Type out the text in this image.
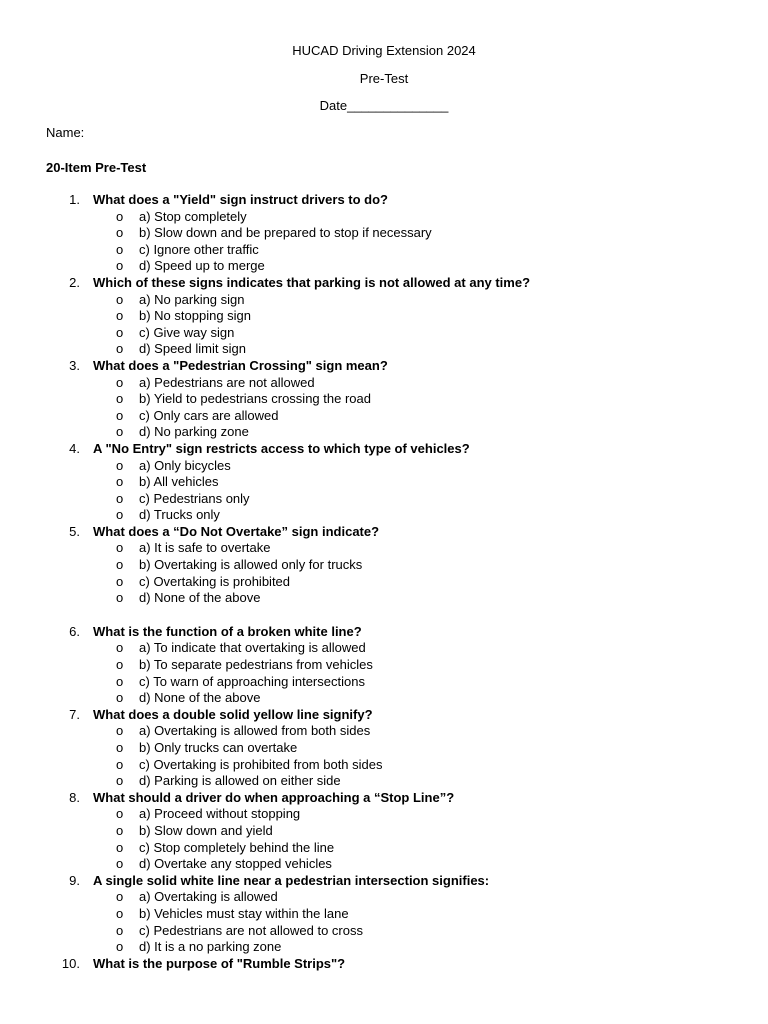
HUCAD Driving Extension 2024
Pre-Test
Date______________
Name:
20-Item Pre-Test
1. What does a "Yield" sign instruct drivers to do?
o a) Stop completely
o b) Slow down and be prepared to stop if necessary
o c) Ignore other traffic
o d) Speed up to merge
2. Which of these signs indicates that parking is not allowed at any time?
o a) No parking sign
o b) No stopping sign
o c) Give way sign
o d) Speed limit sign
3. What does a "Pedestrian Crossing" sign mean?
o a) Pedestrians are not allowed
o b) Yield to pedestrians crossing the road
o c) Only cars are allowed
o d) No parking zone
4. A "No Entry" sign restricts access to which type of vehicles?
o a) Only bicycles
o b) All vehicles
o c) Pedestrians only
o d) Trucks only
5. What does a “Do Not Overtake” sign indicate?
o a) It is safe to overtake
o b) Overtaking is allowed only for trucks
o c) Overtaking is prohibited
o d) None of the above
6. What is the function of a broken white line?
o a) To indicate that overtaking is allowed
o b) To separate pedestrians from vehicles
o c) To warn of approaching intersections
o d) None of the above
7. What does a double solid yellow line signify?
o a) Overtaking is allowed from both sides
o b) Only trucks can overtake
o c) Overtaking is prohibited from both sides
o d) Parking is allowed on either side
8. What should a driver do when approaching a “Stop Line”?
o a) Proceed without stopping
o b) Slow down and yield
o c) Stop completely behind the line
o d) Overtake any stopped vehicles
9. A single solid white line near a pedestrian intersection signifies:
o a) Overtaking is allowed
o b) Vehicles must stay within the lane
o c) Pedestrians are not allowed to cross
o d) It is a no parking zone
10. What is the purpose of "Rumble Strips"?
